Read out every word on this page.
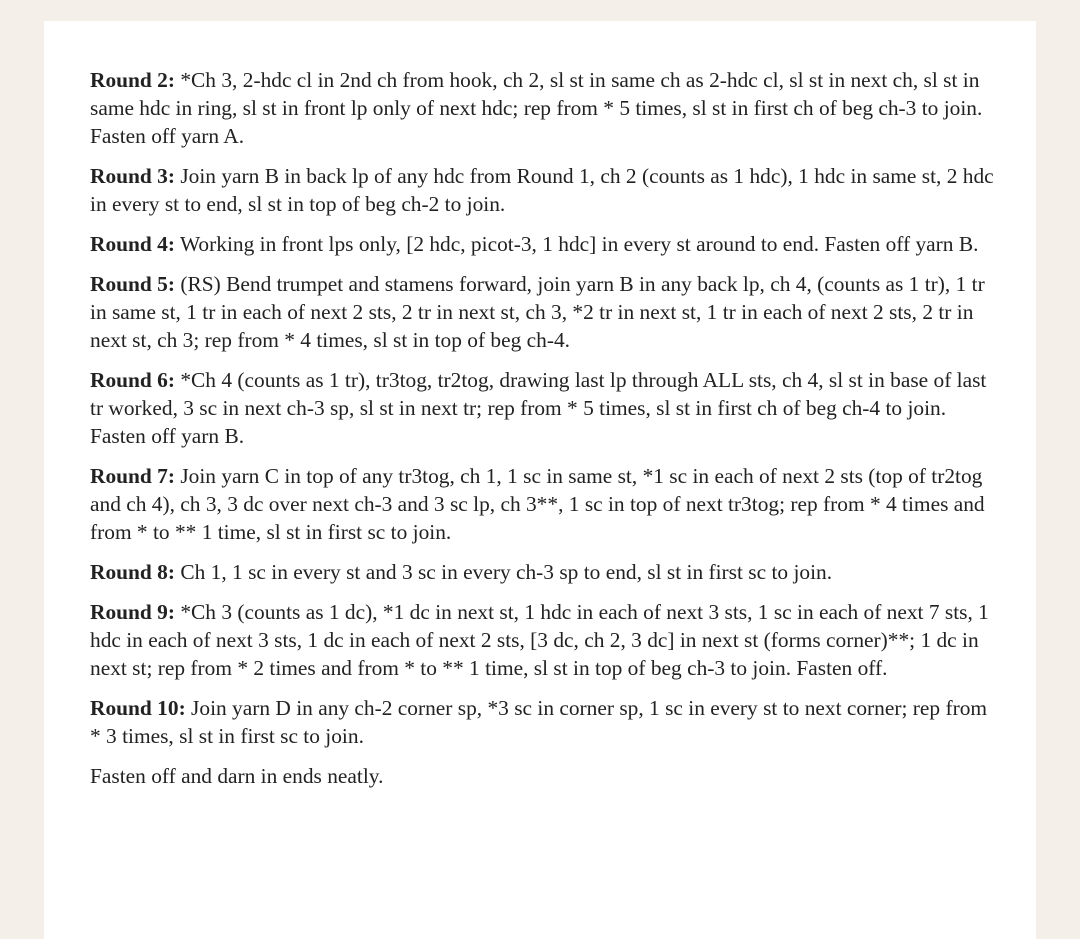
Round 2: *Ch 3, 2-hdc cl in 2nd ch from hook, ch 2, sl st in same ch as 2-hdc cl, sl st in next ch, sl st in same hdc in ring, sl st in front lp only of next hdc; rep from * 5 times, sl st in first ch of beg ch-3 to join. Fasten off yarn A.

Round 3: Join yarn B in back lp of any hdc from Round 1, ch 2 (counts as 1 hdc), 1 hdc in same st, 2 hdc in every st to end, sl st in top of beg ch-2 to join.

Round 4: Working in front lps only, [2 hdc, picot-3, 1 hdc] in every st around to end. Fasten off yarn B.

Round 5: (RS) Bend trumpet and stamens forward, join yarn B in any back lp, ch 4, (counts as 1 tr), 1 tr in same st, 1 tr in each of next 2 sts, 2 tr in next st, ch 3, *2 tr in next st, 1 tr in each of next 2 sts, 2 tr in next st, ch 3; rep from * 4 times, sl st in top of beg ch-4.

Round 6: *Ch 4 (counts as 1 tr), tr3tog, tr2tog, drawing last lp through ALL sts, ch 4, sl st in base of last tr worked, 3 sc in next ch-3 sp, sl st in next tr; rep from * 5 times, sl st in first ch of beg ch-4 to join. Fasten off yarn B.

Round 7: Join yarn C in top of any tr3tog, ch 1, 1 sc in same st, *1 sc in each of next 2 sts (top of tr2tog and ch 4), ch 3, 3 dc over next ch-3 and 3 sc lp, ch 3**, 1 sc in top of next tr3tog; rep from * 4 times and from * to ** 1 time, sl st in first sc to join.

Round 8: Ch 1, 1 sc in every st and 3 sc in every ch-3 sp to end, sl st in first sc to join.

Round 9: *Ch 3 (counts as 1 dc), *1 dc in next st, 1 hdc in each of next 3 sts, 1 sc in each of next 7 sts, 1 hdc in each of next 3 sts, 1 dc in each of next 2 sts, [3 dc, ch 2, 3 dc] in next st (forms corner)**; 1 dc in next st; rep from * 2 times and from * to ** 1 time, sl st in top of beg ch-3 to join. Fasten off.

Round 10: Join yarn D in any ch-2 corner sp, *3 sc in corner sp, 1 sc in every st to next corner; rep from * 3 times, sl st in first sc to join.

Fasten off and darn in ends neatly.
